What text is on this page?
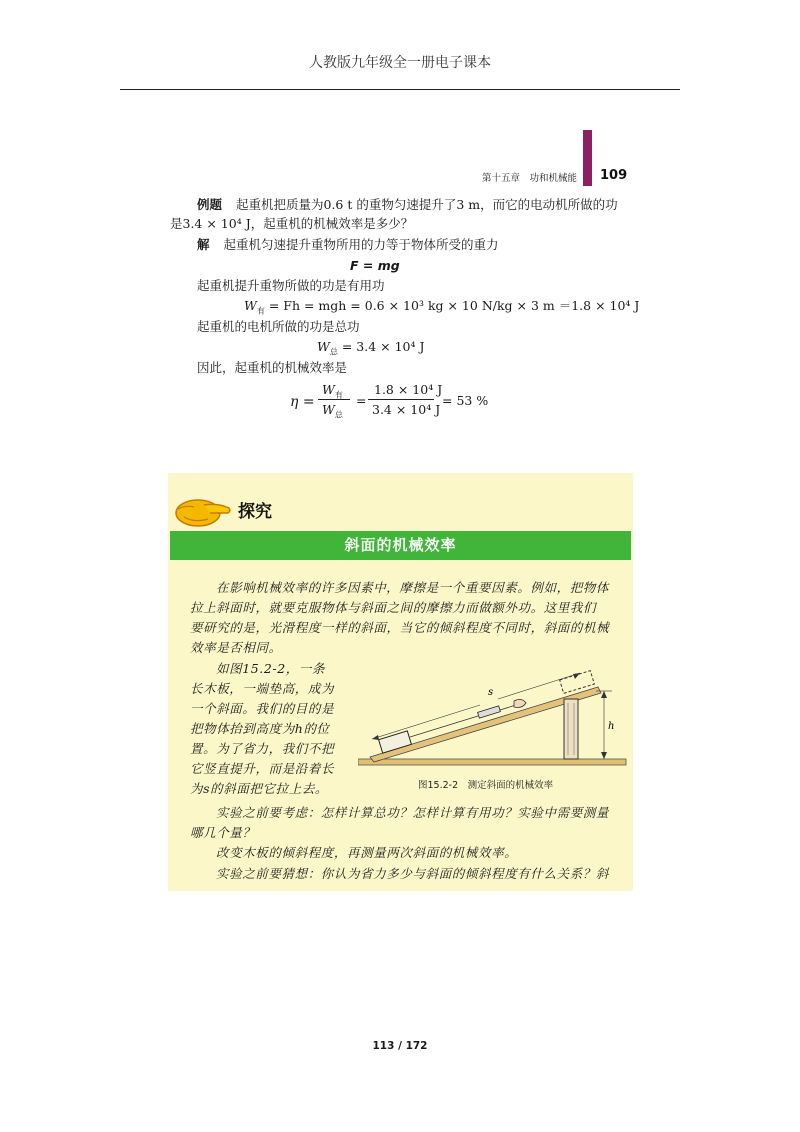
人教版九年级全一册电子课本
第十五章　功和机械能 109
例题 起重机把质量为0.6 t 的重物匀速提升了3 m，而它的电动机所做的功
是3.4 × 10⁴ J，起重机的机械效率是多少？
解 起重机匀速提升重物所用的力等于物体所受的重力
F = mg
起重机提升重物所做的功是有用功
$W_有 = Fh$ = mgh = 0.6 × 10³ kg × 10 N/kg × 3 m ＝1.8 × 10⁴ J
起重机的电机所做的功是总功
$W_总 = 3.4 \times 10^4$ J
因此，起重机的机械效率是
η =
$W_有$
$W_总$
=
1.8 × 10⁴ J
3.4 × 10⁴ J
= 53 %
探究
斜面的机械效率
在影响机械效率的许多因素中，摩擦是一个重要因素。例如，把物体
拉上斜面时，就要克服物体与斜面之间的摩擦力而做额外功。这里我们
要研究的是，光滑程度一样的斜面，当它的倾斜程度不同时，斜面的机械
效率是否相同。
如图15.2-2，一条
长木板，一端垫高，成为
一个斜面。我们的目的是
把物体抬到高度为h的位
置。为了省力，我们不把
它竖直提升，而是沿着长
为s的斜面把它拉上去。
s
h
图15.2-2　测定斜面的机械效率
实验之前要考虑：怎样计算总功？怎样计算有用功？实验中需要测量
哪几个量？
改变木板的倾斜程度，再测量两次斜面的机械效率。
实验之前要猜想：你认为省力多少与斜面的倾斜程度有什么关系？斜
113 / 172
